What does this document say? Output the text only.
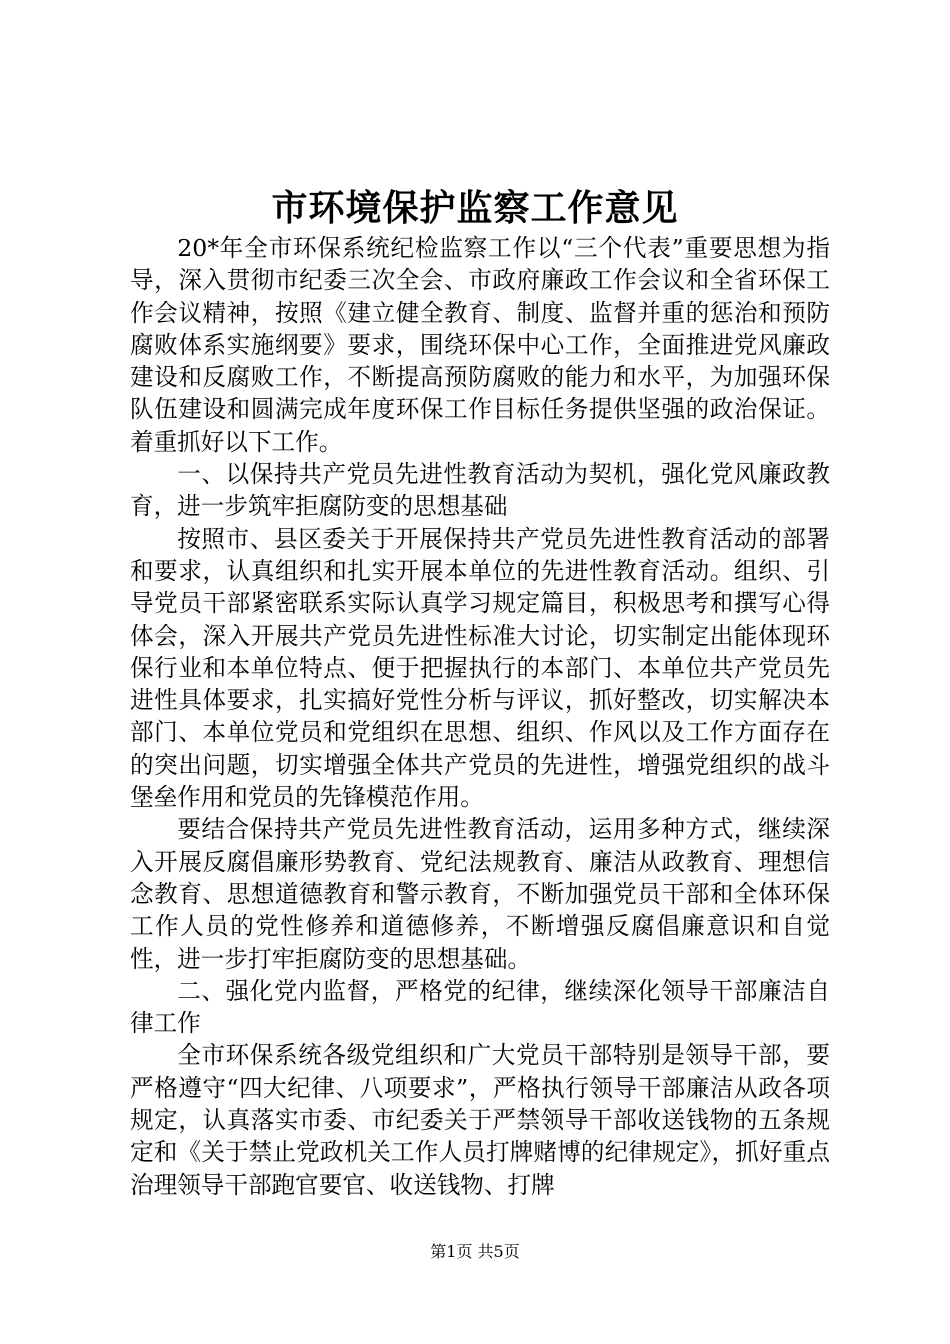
市环境保护监察工作意见

20*年全市环保系统纪检监察工作以“三个代表”重要思想为指导，深入贯彻市纪委三次全会、市政府廉政工作会议和全省环保工作会议精神，按照《建立健全教育、制度、监督并重的惩治和预防腐败体系实施纲要》要求，围绕环保中心工作，全面推进党风廉政建设和反腐败工作，不断提高预防腐败的能力和水平，为加强环保队伍建设和圆满完成年度环保工作目标任务提供坚强的政治保证。着重抓好以下工作。

一、以保持共产党员先进性教育活动为契机，强化党风廉政教育，进一步筑牢拒腐防变的思想基础

按照市、县区委关于开展保持共产党员先进性教育活动的部署和要求，认真组织和扎实开展本单位的先进性教育活动。组织、引导党员干部紧密联系实际认真学习规定篇目，积极思考和撰写心得体会，深入开展共产党员先进性标准大讨论，切实制定出能体现环保行业和本单位特点、便于把握执行的本部门、本单位共产党员先进性具体要求，扎实搞好党性分析与评议，抓好整改，切实解决本部门、本单位党员和党组织在思想、组织、作风以及工作方面存在的突出问题，切实增强全体共产党员的先进性，增强党组织的战斗堡垒作用和党员的先锋模范作用。

要结合保持共产党员先进性教育活动，运用多种方式，继续深入开展反腐倡廉形势教育、党纪法规教育、廉洁从政教育、理想信念教育、思想道德教育和警示教育，不断加强党员干部和全体环保工作人员的党性修养和道德修养，不断增强反腐倡廉意识和自觉性，进一步打牢拒腐防变的思想基础。

二、强化党内监督，严格党的纪律，继续深化领导干部廉洁自律工作

全市环保系统各级党组织和广大党员干部特别是领导干部，要严格遵守“四大纪律、八项要求”，严格执行领导干部廉洁从政各项规定，认真落实市委、市纪委关于严禁领导干部收送钱物的五条规定和《关于禁止党政机关工作人员打牌赌博的纪律规定》，抓好重点治理领导干部跑官要官、收送钱物、打牌

第1页 共5页
